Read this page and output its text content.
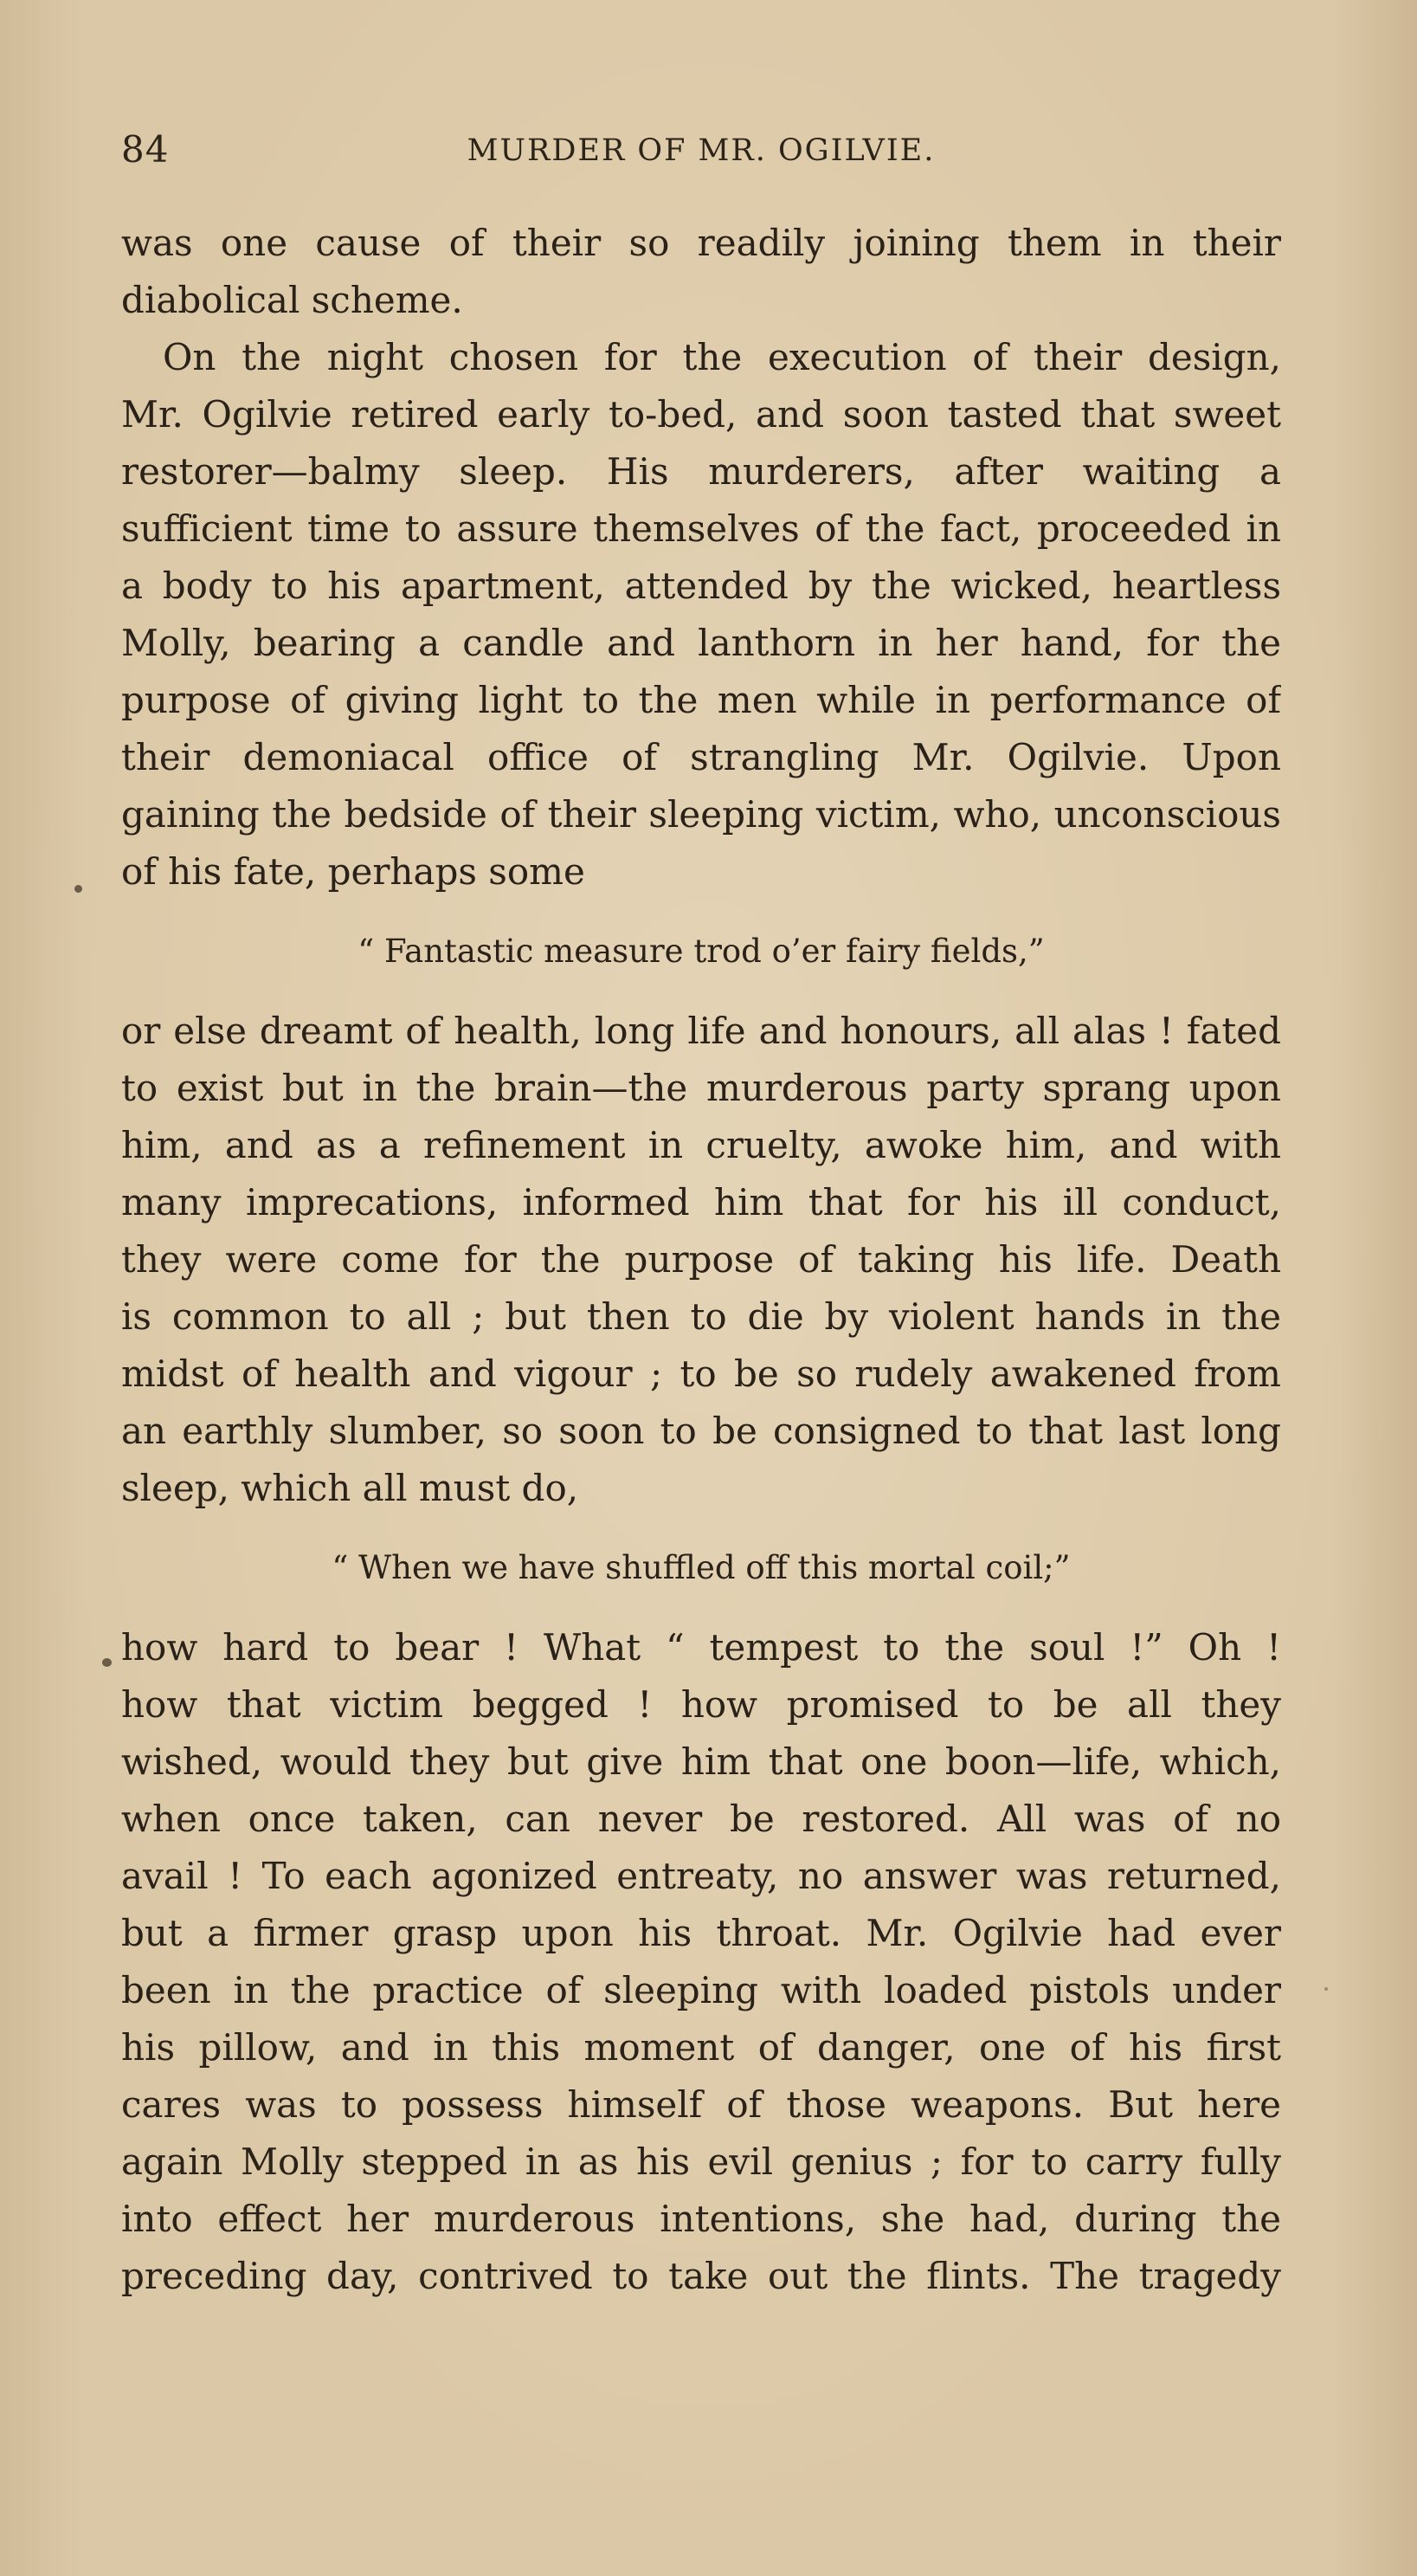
84	MURDER OF MR. OGILVIE.
was one cause of their so readily joining them in their
diabolical scheme.
On the night chosen for the execution of their design,
Mr. Ogilvie retired early to-bed, and soon tasted that sweet
restorer—balmy sleep. His murderers, after waiting a
sufficient time to assure themselves of the fact, proceeded in
a body to his apartment, attended by the wicked, heartless
Molly, bearing a candle and lanthorn in her hand, for the
purpose of giving light to the men while in performance of
their demoniacal office of strangling Mr. Ogilvie. Upon
gaining the bedside of their sleeping victim, who, unconscious
of his fate, perhaps some
“ Fantastic measure trod o’er fairy fields,”
or else dreamt of health, long life and honours, all alas ! fated
to exist but in the brain—the murderous party sprang upon
him, and as a refinement in cruelty, awoke him, and with
many imprecations, informed him that for his ill conduct,
they were come for the purpose of taking his life. Death
is common to all ; but then to die by violent hands in the
midst of health and vigour ; to be so rudely awakened from
an earthly slumber, so soon to be consigned to that last long
sleep, which all must do,
“ When we have shuffled off this mortal coil;”
how hard to bear ! What “ tempest to the soul !” Oh !
how that victim begged ! how promised to be all they
wished, would they but give him that one boon—life, which,
when once taken, can never be restored. All was of no
avail ! To each agonized entreaty, no answer was returned,
but a firmer grasp upon his throat. Mr. Ogilvie had ever
been in the practice of sleeping with loaded pistols under
his pillow, and in this moment of danger, one of his first
cares was to possess himself of those weapons. But here
again Molly stepped in as his evil genius ; for to carry fully
into effect her murderous intentions, she had, during the
preceding day, contrived to take out the flints. The tragedy
